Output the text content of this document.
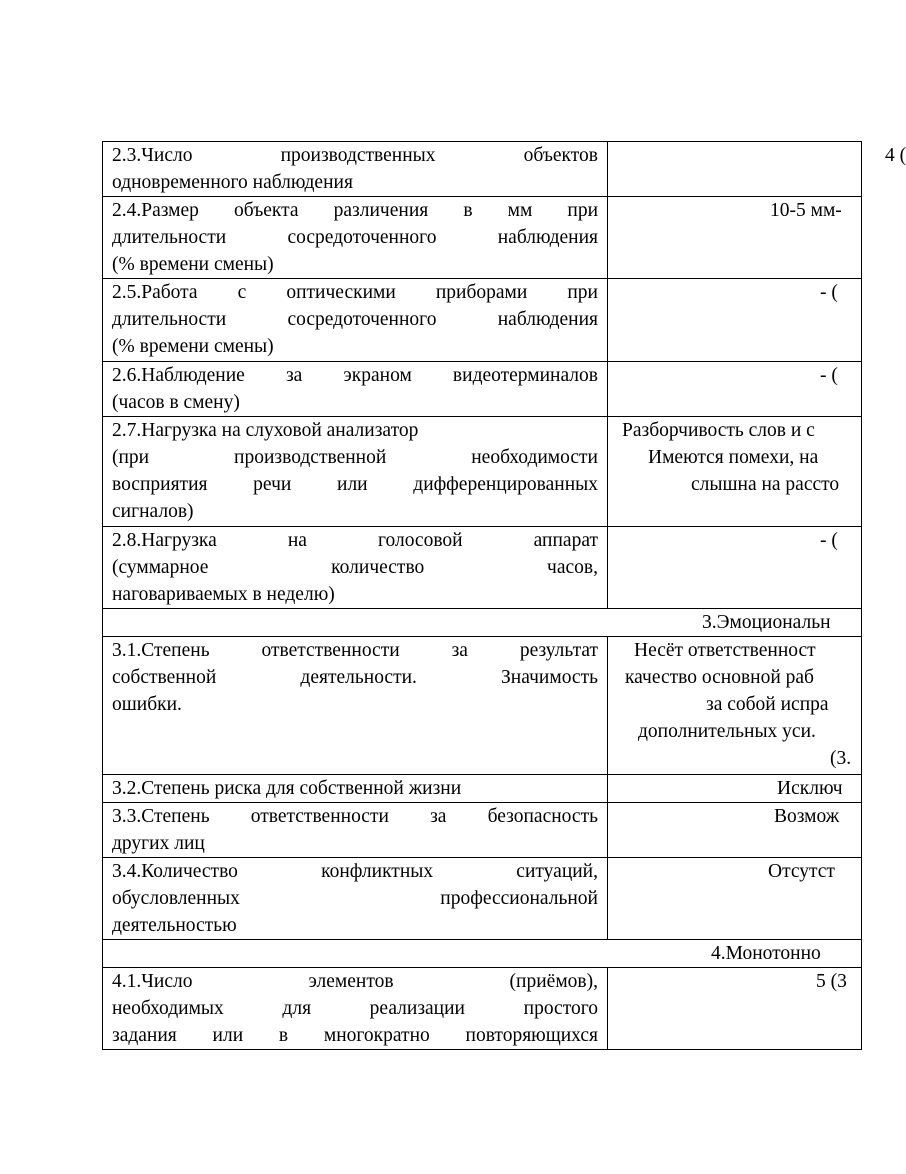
2.3.Число производственных объектов
одновременного наблюдения	4 (

2.4.Размер объекта различения в мм при
длительности сосредоточенного наблюдения
(% времени смены)	10-5 мм-

2.5.Работа с оптическими приборами при
длительности сосредоточенного наблюдения
(% времени смены)	- (

2.6.Наблюдение за экраном видеотерминалов
(часов в смену)	- (

2.7.Нагрузка на слуховой анализатор
(при производственной необходимости
восприятия речи или дифференцированных
сигналов)	Разборчивость слов и с
Имеются помехи, на
слышна на рассто

2.8.Нагрузка на голосовой аппарат
(суммарное количество часов,
наговариваемых в неделю)	- (

3.Эмоциональн	

3.1.Степень ответственности за результат
собственной деятельности. Значимость
ошибки.	Несёт ответственност
качество основной раб
за собой испра
дополнительных уси.
(3.

3.2.Степень риска для собственной жизни	Исключ

3.3.Степень ответственности за безопасность
других лиц	Возмож

3.4.Количество конфликтных ситуаций,
обусловленных профессиональной
деятельностью	Отсутст

4.Монотонно	

4.1.Число элементов (приёмов),
необходимых для реализации простого
задания или в многократно повторяющихся	5 (3
